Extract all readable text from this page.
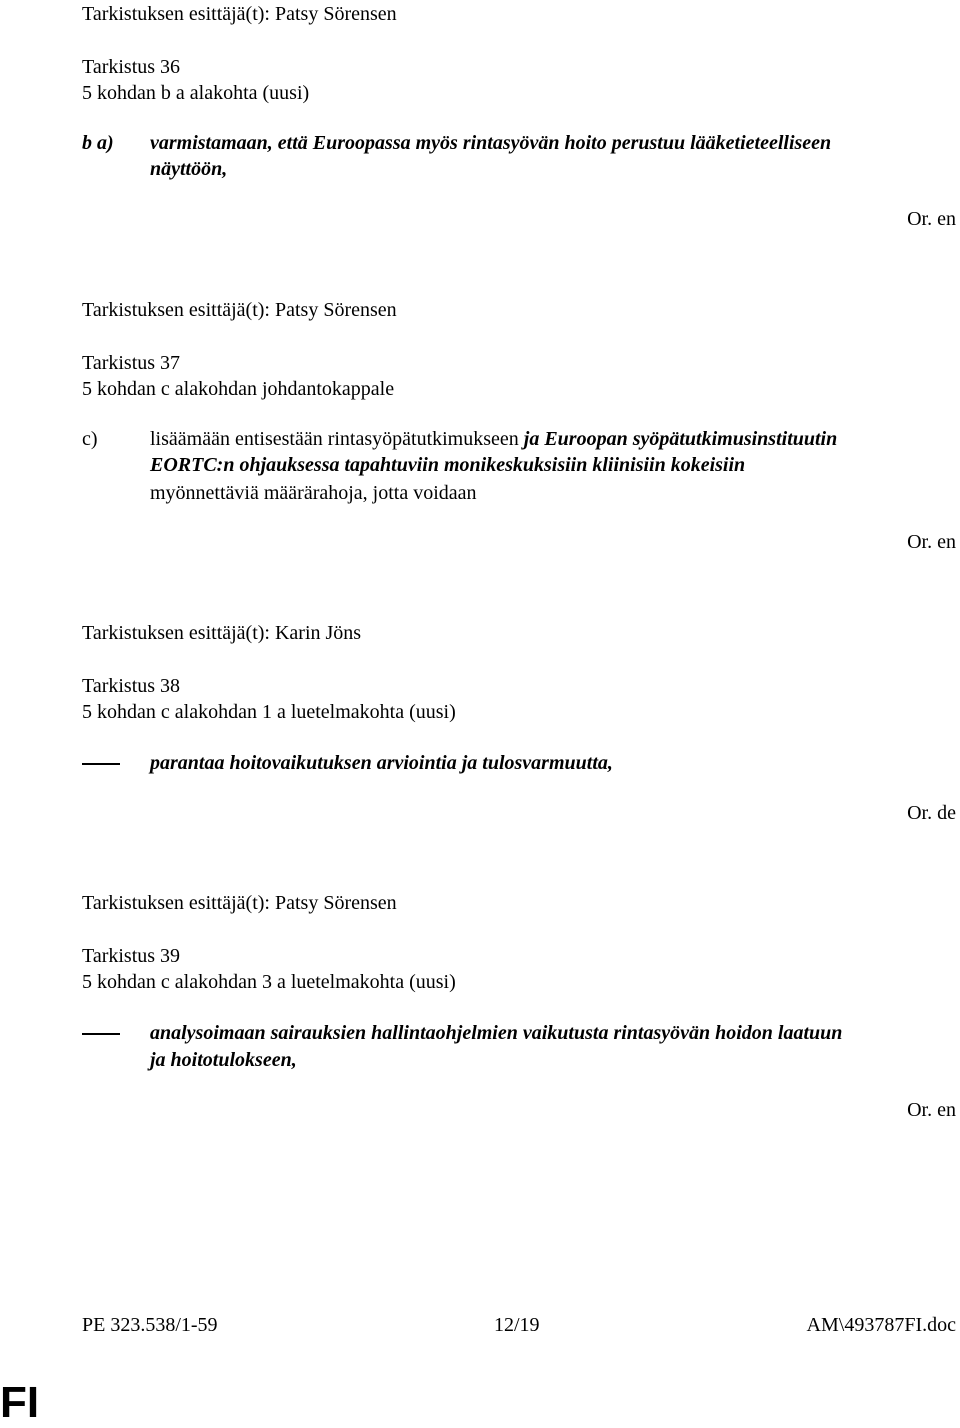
Tarkistuksen esittäjä(t): Patsy Sörensen
Tarkistus 36
5 kohdan b a alakohta (uusi)
b a) varmistamaan, että Euroopassa myös rintasyövän hoito perustuu lääketieteelliseen
näyttöön,
Or. en
Tarkistuksen esittäjä(t): Patsy Sörensen
Tarkistus 37
5 kohdan c alakohdan johdantokappale
c)	lisäämään entisestään rintasyöpätutkimukseen ja Euroopan syöpätutkimusinstituutin
EORTC:n ohjauksessa tapahtuviin monikeskuksisiin kliinisiin kokeisiin
myönnettäviä määrärahoja, jotta voidaan
Or. en
Tarkistuksen esittäjä(t): Karin Jöns
Tarkistus 38
5 kohdan c alakohdan 1 a luetelmakohta (uusi)
parantaa hoitovaikutuksen arviointia ja tulosvarmuutta,
Or. de
Tarkistuksen esittäjä(t): Patsy Sörensen
Tarkistus 39
5 kohdan c alakohdan 3 a luetelmakohta (uusi)
analysoimaan sairauksien hallintaohjelmien vaikutusta rintasyövän hoidon laatuun
ja hoitotulokseen,
Or. en
PE 323.538/1-59	12/19	AM\493787FI.doc
FI
